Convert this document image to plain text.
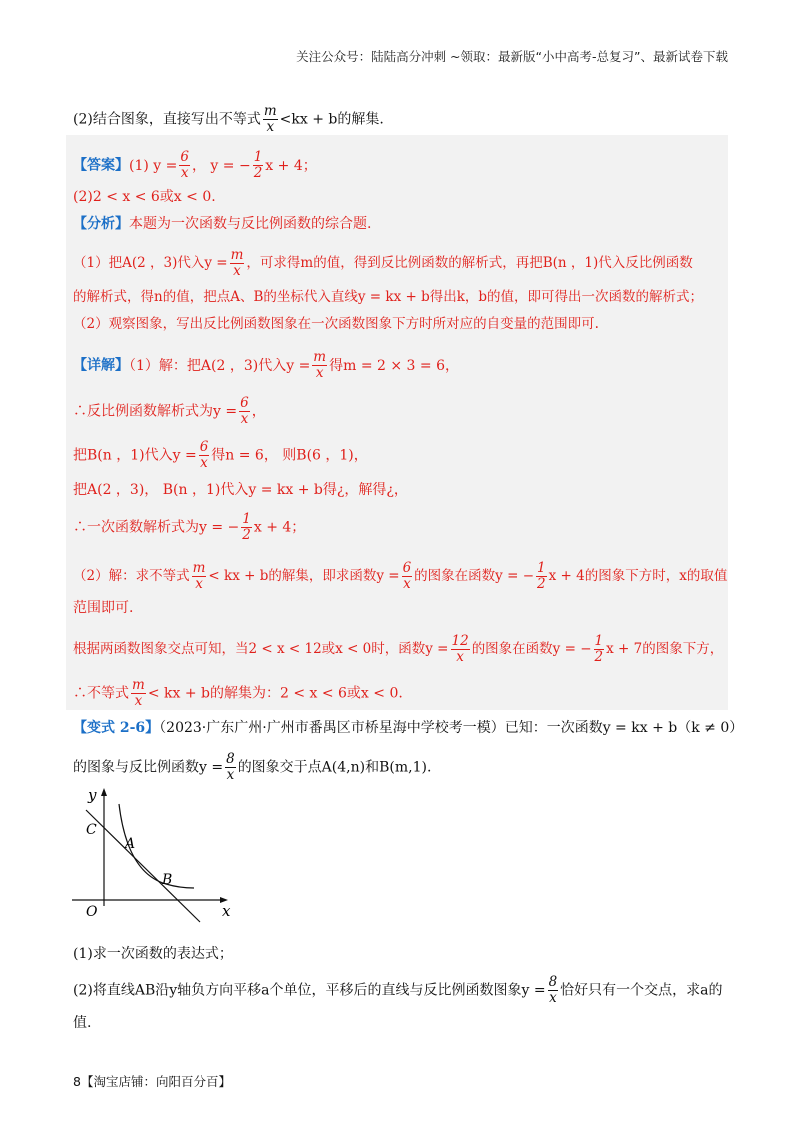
关注公众号：陆陆高分冲刺 ~领取：最新版“小中高考-总复习”、最新试卷下载
(2)结合图象，直接写出不等式 $\frac{m}{x} <kx + b$的解集.
【答案】(1) $y = \frac{6}{x}$ ， y = − $\frac{1}{2}$ x + 4；
(2)2 < x < 6或x < 0.
【分析】本题为一次函数与反比例函数的综合题.
（1）把A(2 ，3)代入$y = \frac{m}{x}$ ，可求得m的值，得到反比例函数的解析式，再把B(n ，1)代入反比例函数
的解析式，得n的值，把点A、B的坐标代入直线y = kx + b得出k，b的值，即可得出一次函数的解析式；
（2）观察图象，写出反比例函数图象在一次函数图象下方时所对应的自变量的范围即可.
【详解】（1）解：把A(2 ，3)代入$y = \frac{m}{x}$ 得m = 2 × 3 = 6，
∴反比例函数解析式为$y = \frac{6}{x}$ ，
把B(n ，1)代入$y = \frac{6}{x}$ 得n = 6， 则B(6 ，1)，
把A(2 ，3)， B(n ，1)代入y = kx + b得¿，解得¿，
∴一次函数解析式为y = − $\frac{1}{2}$ x + 4；
（2）解：求不等式 $\frac{m}{x}$ < kx + b的解集，即求函数$y = \frac{6}{x}$ 的图象在函数y = − $\frac{1}{2}$ x + 4的图象下方时，x的取值
范围即可.
根据两函数图象交点可知，当2 < x < 12或x < 0时，函数$y = \frac{12}{x}$ 的图象在函数y = − $\frac{1}{2}$ x + 7的图象下方，
∴不等式 $\frac{m}{x}$ < kx + b的解集为：2 < x < 6或x < 0.
【变式 2-6】（2023·广东广州·广州市番禺区市桥星海中学校考一模）已知：一次函数y = kx + b（k ≠ 0）
的图象与反比例函数$y = \frac{8}{x}$ 的图象交于点A(4,n)和B(m,1).
y
x
O
C
A
B
(1)求一次函数的表达式；
(2)将直线AB沿y轴负方向平移a个单位，平移后的直线与反比例函数图象$y = \frac{8}{x}$ 恰好只有一个交点，求a的
值.
8【淘宝店铺：向阳百分百】
